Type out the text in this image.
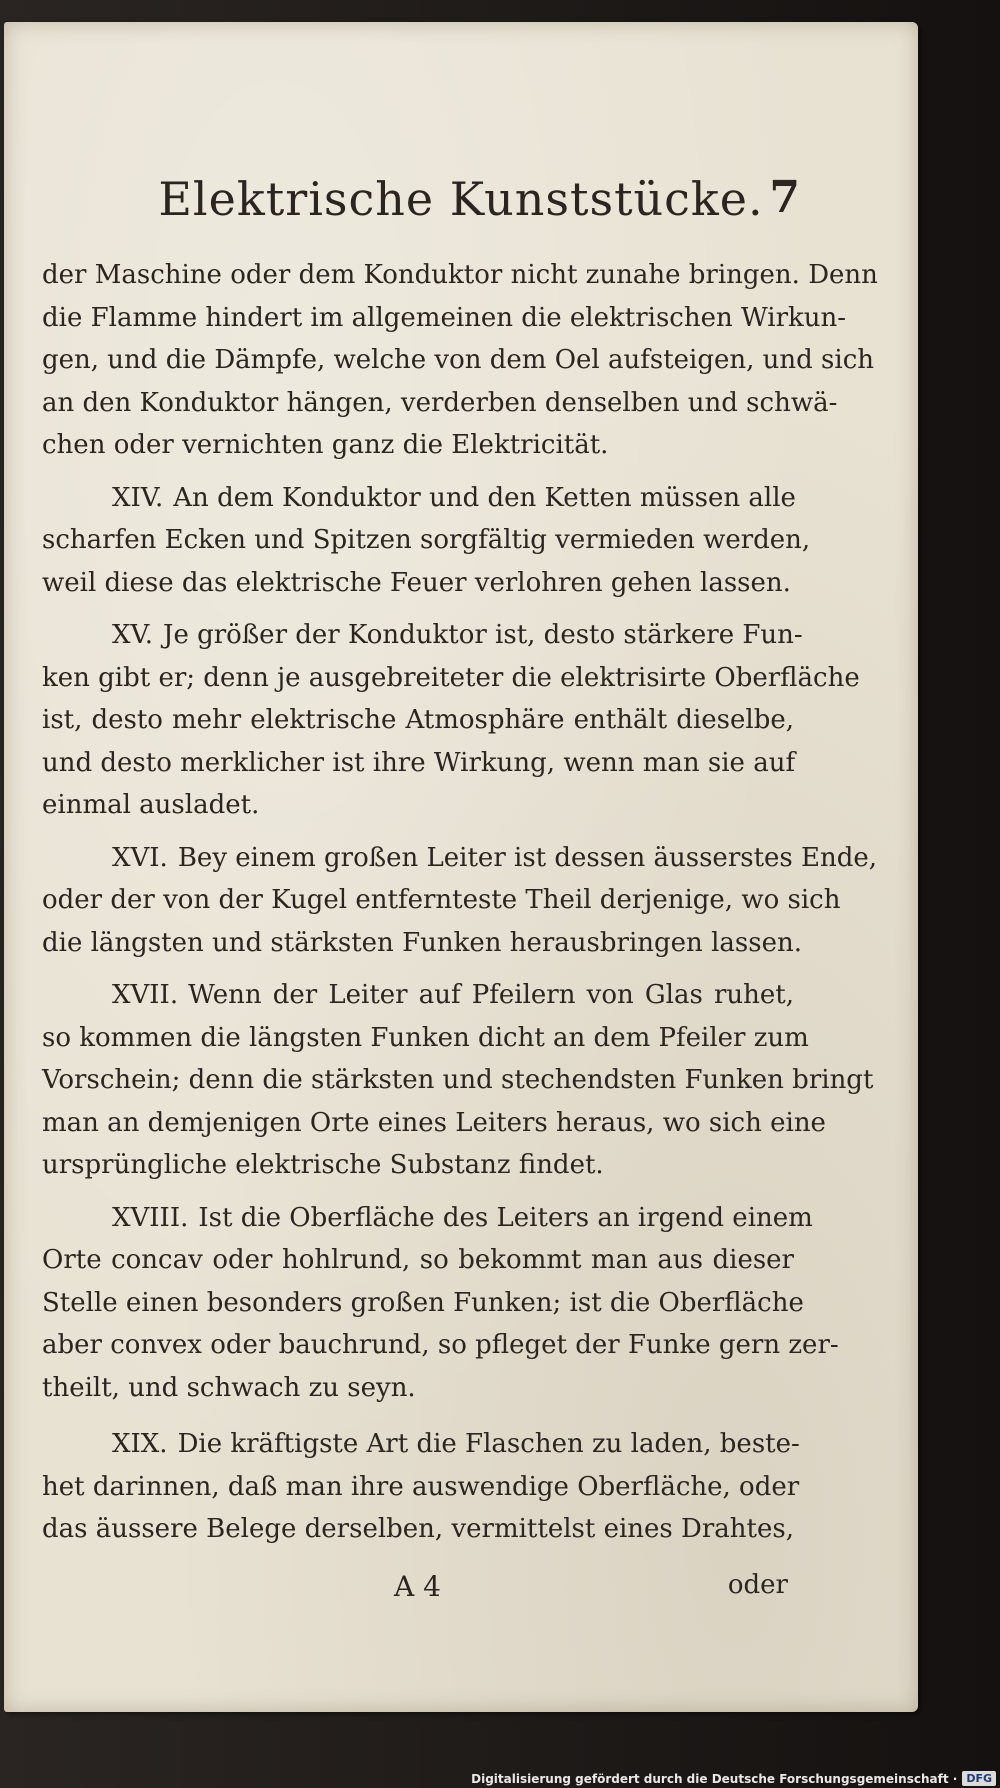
Elektrische Kunststücke. 7
der Maschine oder dem Konduktor nicht zunahe bringen. Denn
die Flamme hindert im allgemeinen die elektrischen Wirkun-
gen, und die Dämpfe, welche von dem Oel aufsteigen, und sich
an den Konduktor hängen, verderben denselben und schwä-
chen oder vernichten ganz die Elektricität.
XIV. An dem Konduktor und den Ketten müssen alle
scharfen Ecken und Spitzen sorgfältig vermieden werden,
weil diese das elektrische Feuer verlohren gehen lassen.
XV. Je größer der Konduktor ist, desto stärkere Fun-
ken gibt er; denn je ausgebreiteter die elektrisirte Oberfläche
ist, desto mehr elektrische Atmosphäre enthält dieselbe,
und desto merklicher ist ihre Wirkung, wenn man sie auf
einmal ausladet.
XVI. Bey einem großen Leiter ist dessen äusserstes Ende,
oder der von der Kugel entfernteste Theil derjenige, wo sich
die längsten und stärksten Funken herausbringen lassen.
XVII. Wenn der Leiter auf Pfeilern von Glas ruhet,
so kommen die längsten Funken dicht an dem Pfeiler zum
Vorschein; denn die stärksten und stechendsten Funken bringt
man an demjenigen Orte eines Leiters heraus, wo sich eine
ursprüngliche elektrische Substanz findet.
XVIII. Ist die Oberfläche des Leiters an irgend einem
Orte concav oder hohlrund, so bekommt man aus dieser
Stelle einen besonders großen Funken; ist die Oberfläche
aber convex oder bauchrund, so pfleget der Funke gern zer-
theilt, und schwach zu seyn.
XIX. Die kräftigste Art die Flaschen zu laden, beste-
het darinnen, daß man ihre auswendige Oberfläche, oder
das äussere Belege derselben, vermittelst eines Drahtes,
A 4	oder
Digitalisierung gefördert durch die Deutsche Forschungsgemeinschaft · DFG
